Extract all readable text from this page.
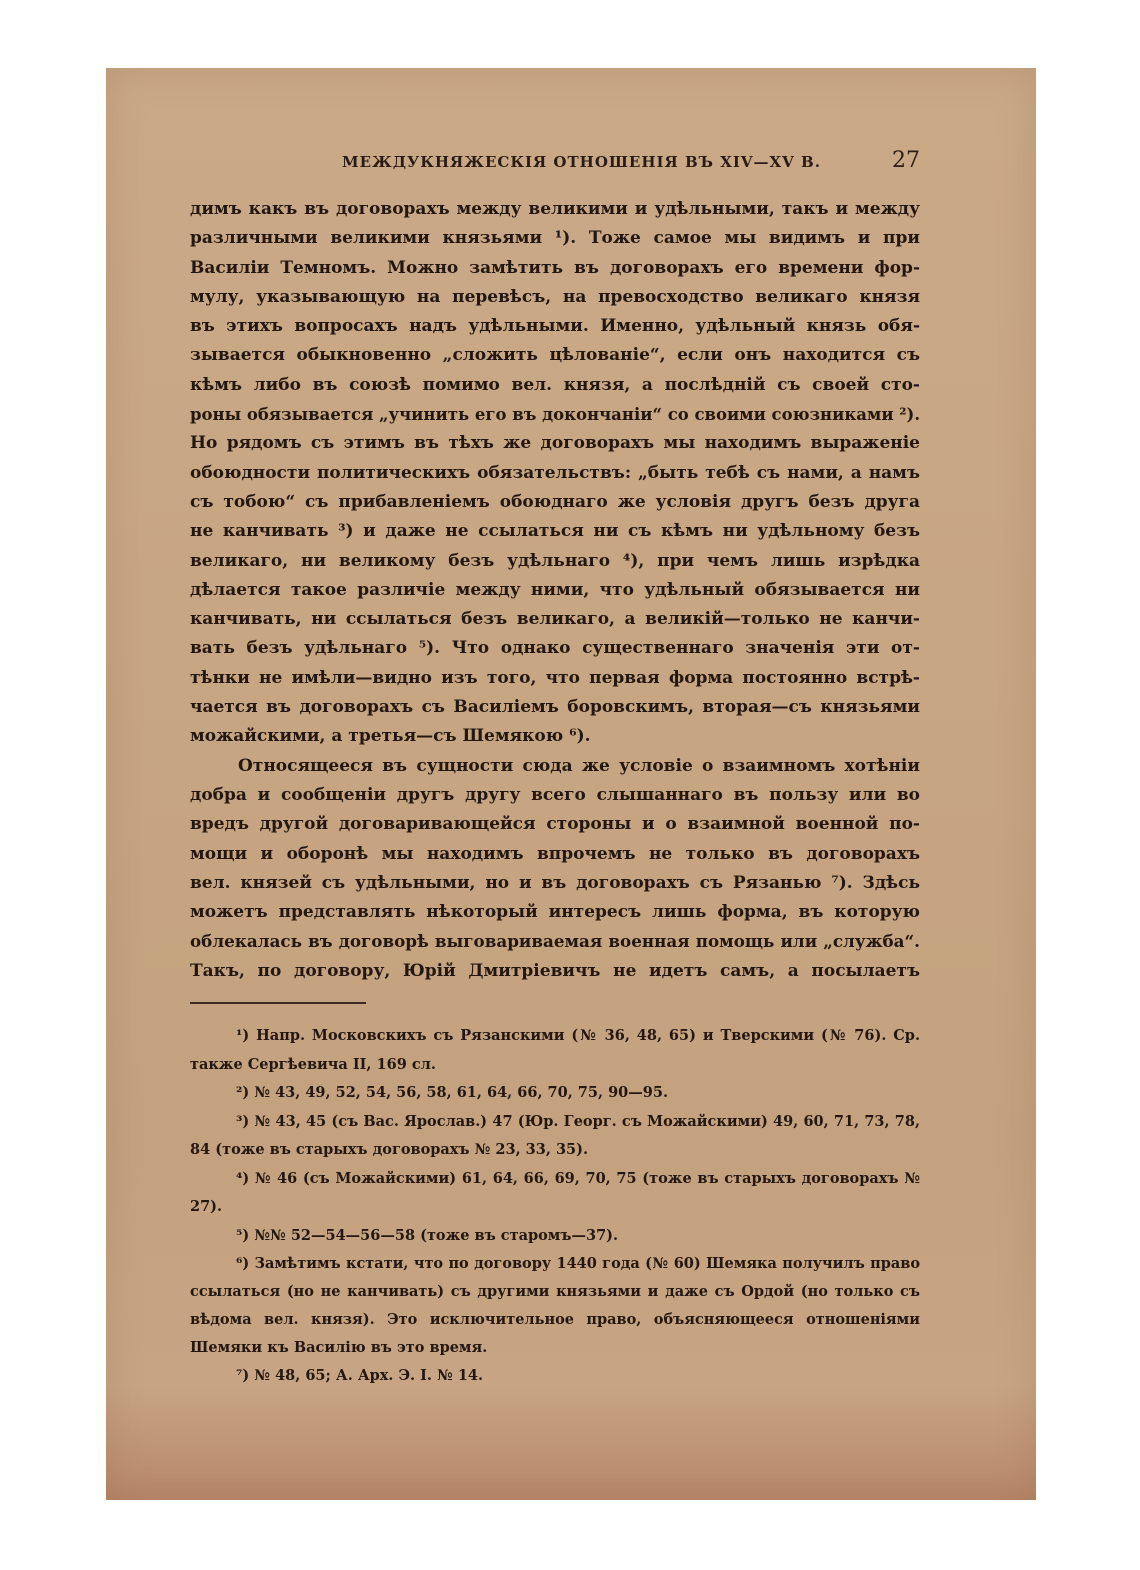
МЕЖДУКНЯЖЕСКІЯ ОТНОШЕНІЯ ВЪ XIV—XV В.	27
димъ какъ въ договорахъ между великими и удѣльными, такъ и между
различными великими князьями ¹). Тоже самое мы видимъ и при
Василіи Темномъ. Можно замѣтить въ договорахъ его времени фор-
мулу, указывающую на перевѣсъ, на превосходство великаго князя
въ этихъ вопросахъ надъ удѣльными. Именно, удѣльный князь обя-
зывается обыкновенно „сложить цѣлованіе“, если онъ находится съ
кѣмъ либо въ союзѣ помимо вел. князя, а послѣдній съ своей сто-
роны обязывается „учинить его въ докончаніи“ со своими союзниками ²).
Но рядомъ съ этимъ въ тѣхъ же договорахъ мы находимъ выраженіе
обоюдности политическихъ обязательствъ: „быть тебѣ съ нами, а намъ
съ тобою“ съ прибавленіемъ обоюднаго же условія другъ безъ друга
не канчивать ³) и даже не ссылаться ни съ кѣмъ ни удѣльному безъ
великаго, ни великому безъ удѣльнаго ⁴), при чемъ лишь изрѣдка
дѣлается такое различіе между ними, что удѣльный обязывается ни
канчивать, ни ссылаться безъ великаго, а великій—только не канчи-
вать безъ удѣльнаго ⁵). Что однако существеннаго значенія эти от-
тѣнки не имѣли—видно изъ того, что первая форма постоянно встрѣ-
чается въ договорахъ съ Василіемъ боровскимъ, вторая—съ князьями
можайскими, а третья—съ Шемякою ⁶).
Относящееся въ сущности сюда же условіе о взаимномъ хотѣніи
добра и сообщеніи другъ другу всего слышаннаго въ пользу или во
вредъ другой договаривающейся стороны и о взаимной военной по-
мощи и оборонѣ мы находимъ впрочемъ не только въ договорахъ
вел. князей съ удѣльными, но и въ договорахъ съ Рязанью ⁷). Здѣсь
можетъ представлять нѣкоторый интересъ лишь форма, въ которую
облекалась въ договорѣ выговариваемая военная помощь или „служба“.
Такъ, по договору, Юрій Дмитріевичъ не идетъ самъ, а посылаетъ

¹) Напр. Московскихъ съ Рязанскими (№ 36, 48, 65) и Тверскими (№ 76). Ср. также Сергѣевича II, 169 сл.

²) № 43, 49, 52, 54, 56, 58, 61, 64, 66, 70, 75, 90—95.

³) № 43, 45 (съ Вас. Ярослав.) 47 (Юр. Георг. съ Можайскими) 49, 60, 71, 73, 78, 84 (тоже въ старыхъ договорахъ № 23, 33, 35).

⁴) № 46 (съ Можайскими) 61, 64, 66, 69, 70, 75 (тоже въ старыхъ договорахъ № 27).

⁵) №№ 52—54—56—58 (тоже въ старомъ—37).

⁶) Замѣтимъ кстати, что по договору 1440 года (№ 60) Шемяка получилъ право ссылаться (но не канчивать) съ другими князьями и даже съ Ордой (но только съ вѣдома вел. князя). Это исключительное право, объясняющееся отношеніями Шемяки къ Василію въ это время.

⁷) № 48, 65; А. Арх. Э. I. № 14.
